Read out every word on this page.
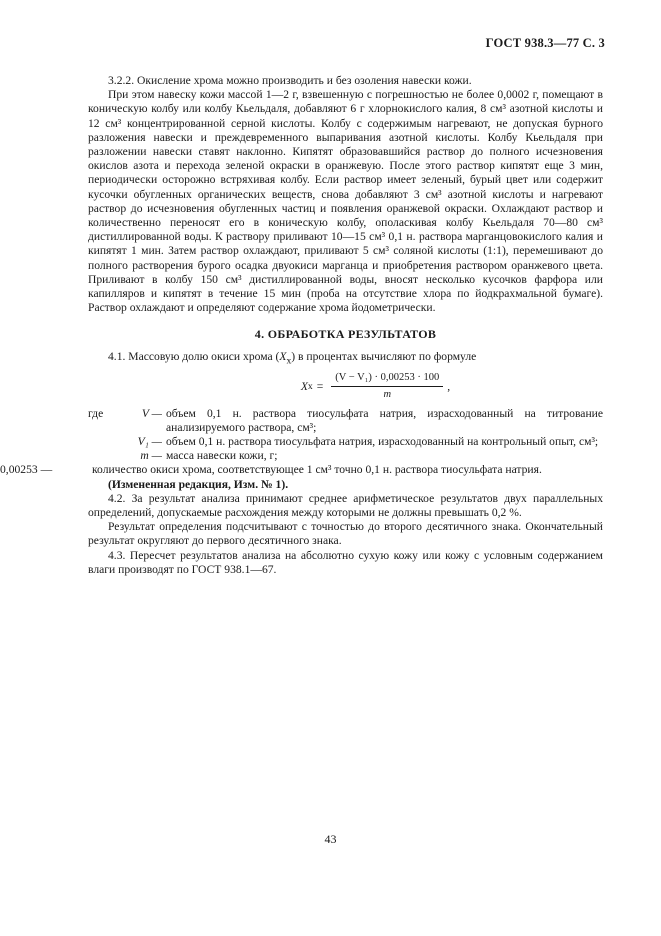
ГОСТ 938.3—77 С. 3

3.2.2. Окисление хрома можно производить и без озоления навески кожи.

При этом навеску кожи массой 1—2 г, взвешенную с погрешностью не более 0,0002 г, помещают в коническую колбу или колбу Кьельдаля, добавляют 6 г хлорнокислого калия, 8 см³ азотной кислоты и 12 см³ концентрированной серной кислоты. Колбу с содержимым нагревают, не допуская бурного разложения навески и преждевременного выпаривания азотной кислоты. Колбу Кьельдаля при разложении навески ставят наклонно. Кипятят образовавшийся раствор до полного исчезновения окислов азота и перехода зеленой окраски в оранжевую. После этого раствор кипятят еще 3 мин, периодически осторожно встряхивая колбу. Если раствор имеет зеленый, бурый цвет или содержит кусочки обугленных органических веществ, снова добавляют 3 см³ азотной кислоты и нагревают раствор до исчезновения обугленных частиц и появления оранжевой окраски. Охлаждают раствор и количественно переносят его в коническую колбу, ополаскивая колбу Кьельдаля 70—80 см³ дистиллированной воды. К раствору приливают 10—15 см³ 0,1 н. раствора марганцовокислого калия и кипятят 1 мин. Затем раствор охлаждают, приливают 5 см³ соляной кислоты (1:1), перемешивают до полного растворения бурого осадка двуокиси марганца и приобретения раствором оранжевого цвета. Приливают в колбу 150 см³ дистиллированной воды, вносят несколько кусочков фарфора или капилляров и кипятят в течение 15 мин (проба на отсутствие хлора по йодкрахмальной бумаге). Раствор охлаждают и определяют содержание хрома йодометрически.

4. ОБРАБОТКА РЕЗУЛЬТАТОВ

4.1. Массовую долю окиси хрома $(X_x)$ в процентах вычисляют по формуле

X $x = \frac{\text{(V − V₁) · 0,00253 · 100}}{m}$ ,
где	V — объем 0,1 н. раствора тиосульфата натрия, израсходованный на титрование анализируемого раствора, см³;
V₁ — объем 0,1 н. раствора тиосульфата натрия, израсходованный на контрольный опыт, см³;
m — масса навески кожи, г;
0,00253 —	количество окиси хрома, соответствующее 1 см³ точно 0,1 н. раствора тиосульфата натрия.

(Измененная редакция, Изм. № 1).

4.2. За результат анализа принимают среднее арифметическое результатов двух параллельных определений, допускаемые расхождения между которыми не должны превышать 0,2 %.

Результат определения подсчитывают с точностью до второго десятичного знака. Окончательный результат округляют до первого десятичного знака.

4.3. Пересчет результатов анализа на абсолютно сухую кожу или кожу с условным содержанием влаги производят по ГОСТ 938.1—67.

43
